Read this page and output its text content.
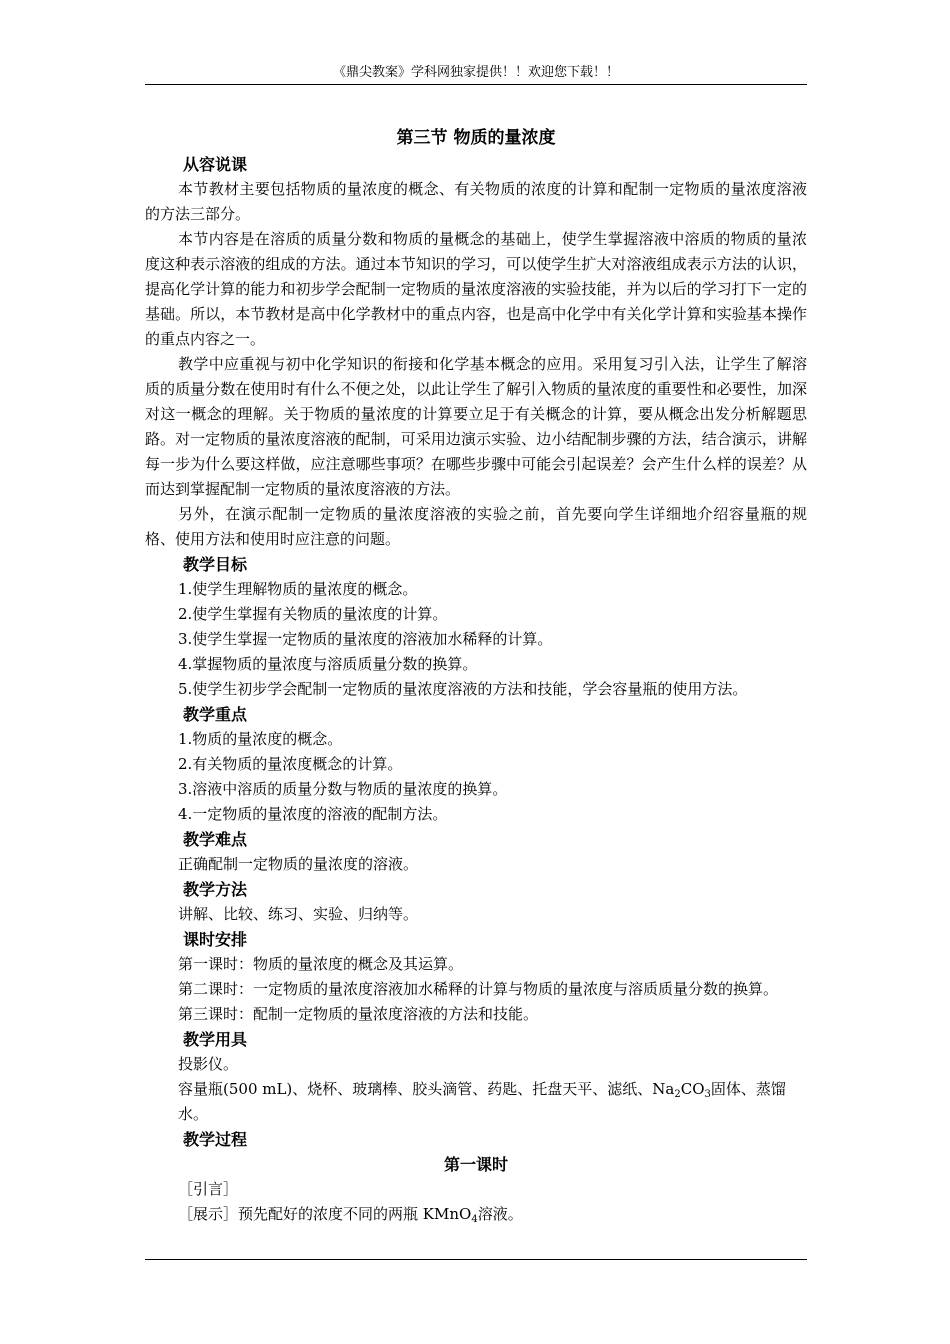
《鼎尖教案》学科网独家提供！！欢迎您下载！！
第三节 物质的量浓度
从容说课

本节教材主要包括物质的量浓度的概念、有关物质的浓度的计算和配制一定物质的量浓度溶液的方法三部分。

本节内容是在溶质的质量分数和物质的量概念的基础上，使学生掌握溶液中溶质的物质的量浓度这种表示溶液的组成的方法。通过本节知识的学习，可以使学生扩大对溶液组成表示方法的认识，提高化学计算的能力和初步学会配制一定物质的量浓度溶液的实验技能，并为以后的学习打下一定的基础。所以，本节教材是高中化学教材中的重点内容，也是高中化学中有关化学计算和实验基本操作的重点内容之一。

教学中应重视与初中化学知识的衔接和化学基本概念的应用。采用复习引入法，让学生了解溶质的质量分数在使用时有什么不便之处，以此让学生了解引入物质的量浓度的重要性和必要性，加深对这一概念的理解。关于物质的量浓度的计算要立足于有关概念的计算，要从概念出发分析解题思路。对一定物质的量浓度溶液的配制，可采用边演示实验、边小结配制步骤的方法，结合演示，讲解每一步为什么要这样做，应注意哪些事项？在哪些步骤中可能会引起误差？会产生什么样的误差？从而达到掌握配制一定物质的量浓度溶液的方法。

另外，在演示配制一定物质的量浓度溶液的实验之前，首先要向学生详细地介绍容量瓶的规格、使用方法和使用时应注意的问题。

教学目标

1.使学生理解物质的量浓度的概念。

2.使学生掌握有关物质的量浓度的计算。

3.使学生掌握一定物质的量浓度的溶液加水稀释的计算。

4.掌握物质的量浓度与溶质质量分数的换算。

5.使学生初步学会配制一定物质的量浓度溶液的方法和技能，学会容量瓶的使用方法。

教学重点

1.物质的量浓度的概念。

2.有关物质的量浓度概念的计算。

3.溶液中溶质的质量分数与物质的量浓度的换算。

4.一定物质的量浓度的溶液的配制方法。

教学难点

正确配制一定物质的量浓度的溶液。

教学方法

讲解、比较、练习、实验、归纳等。

课时安排

第一课时：物质的量浓度的概念及其运算。

第二课时：一定物质的量浓度溶液加水稀释的计算与物质的量浓度与溶质质量分数的换算。

第三课时：配制一定物质的量浓度溶液的方法和技能。

教学用具

投影仪。

容量瓶(500 mL)、烧杯、玻璃棒、胶头滴管、药匙、托盘天平、滤纸、$Na_2CO_3$固体、蒸馏水。

教学过程
第一课时
［引言］
［展示］预先配好的浓度不同的两瓶 KMnO$_4$溶液。
